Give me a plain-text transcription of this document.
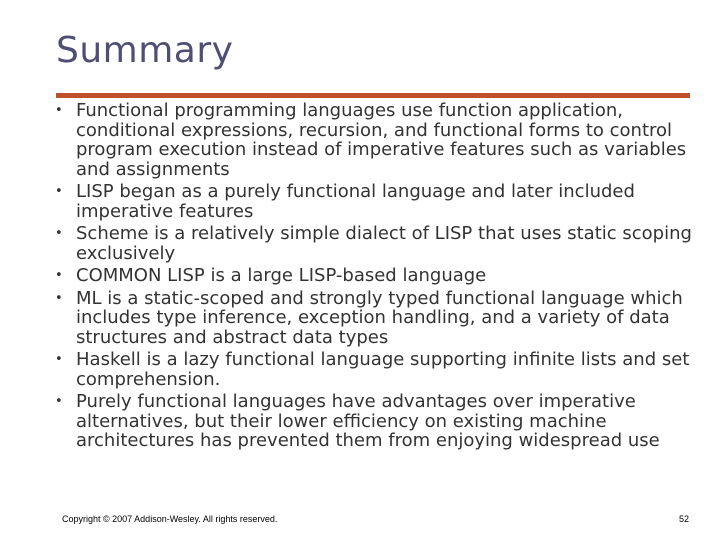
Summary
• Functional programming languages use function application, conditional expressions, recursion, and functional forms to control program execution instead of imperative features such as variables and assignments
• LISP began as a purely functional language and later included imperative features
• Scheme is a relatively simple dialect of LISP that uses static scoping exclusively
• COMMON LISP is a large LISP-based language
• ML is a static-scoped and strongly typed functional language which includes type inference, exception handling, and a variety of data structures and abstract data types
• Haskell is a lazy functional language supporting infinite lists and set comprehension.
• Purely functional languages have advantages over imperative alternatives, but their lower efficiency on existing machine architectures has prevented them from enjoying widespread use
Copyright © 2007 Addison-Wesley. All rights reserved.	52
